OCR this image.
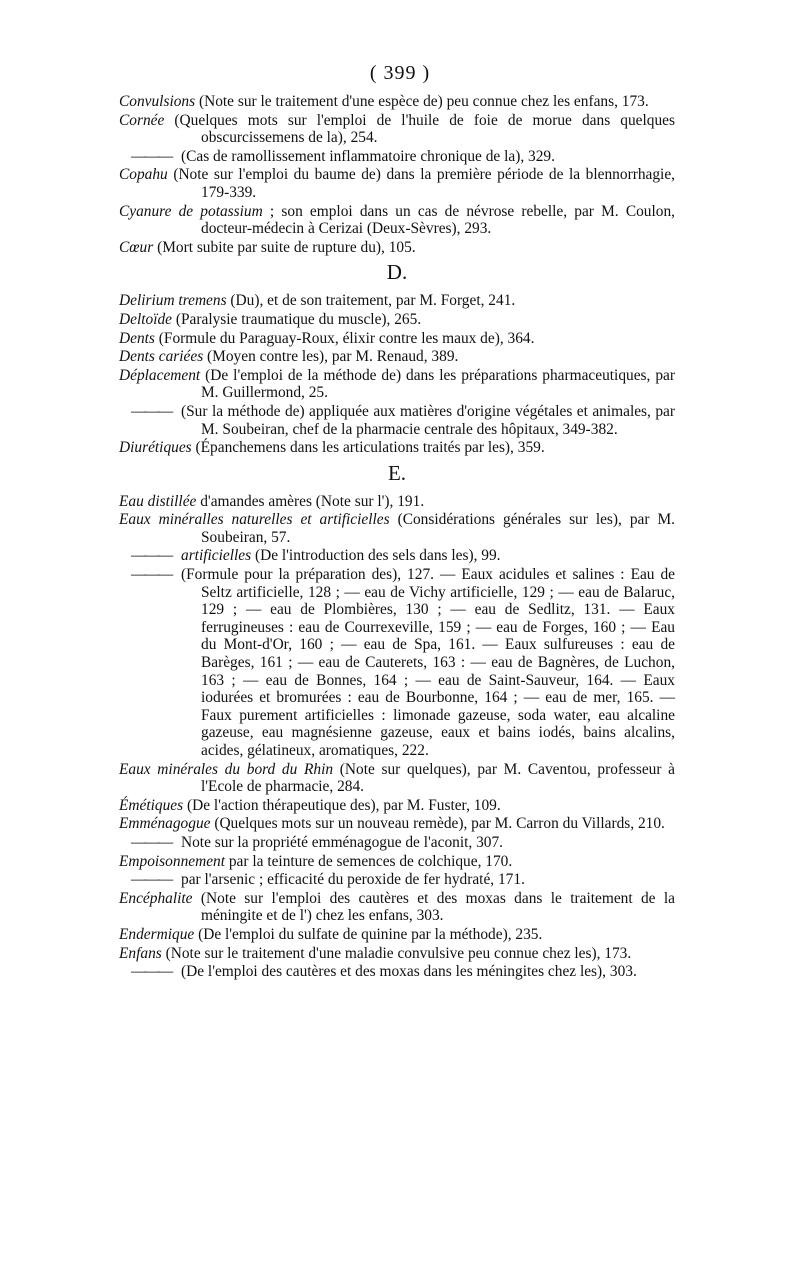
( 399 )
Convulsions (Note sur le traitement d'une espèce de) peu connue chez les enfans, 173.
Cornée (Quelques mots sur l'emploi de l'huile de foie de morue dans quelques obscurcissemens de la), 254.
——— (Cas de ramollissement inflammatoire chronique de la), 329.
Copahu (Note sur l'emploi du baume de) dans la première période de la blennorrhagie, 179-339.
Cyanure de potassium ; son emploi dans un cas de névrose rebelle, par M. Coulon, docteur-médecin à Cerizai (Deux-Sèvres), 293.
Cœur (Mort subite par suite de rupture du), 105.
D.
Delirium tremens (Du), et de son traitement, par M. Forget, 241.
Deltoïde (Paralysie traumatique du muscle), 265.
Dents (Formule du Paraguay-Roux, élixir contre les maux de), 364.
Dents cariées (Moyen contre les), par M. Renaud, 389.
Déplacement (De l'emploi de la méthode de) dans les préparations pharmaceutiques, par M. Guillermond, 25.
——— (Sur la méthode de) appliquée aux matières d'origine végétales et animales, par M. Soubeiran, chef de la pharmacie centrale des hôpitaux, 349-382.
Diurétiques (Épanchemens dans les articulations traités par les), 359.
E.
Eau distillée d'amandes amères (Note sur l'), 191.
Eaux minéralles naturelles et artificielles (Considérations générales sur les), par M. Soubeiran, 57.
——— artificielles (De l'introduction des sels dans les), 99.
——— (Formule pour la préparation des), 127. — Eaux acidules et salines : Eau de Seltz artificielle, 128 ; — eau de Vichy artificielle, 129 ; — eau de Balaruc, 129 ; — eau de Plombières, 130 ; — eau de Sedlitz, 131. — Eaux ferrugineuses : eau de Courrexeville, 159 ; — eau de Forges, 160 ; — Eau du Mont-d'Or, 160 ; — eau de Spa, 161. — Eaux sulfureuses : eau de Barèges, 161 ; — eau de Cauterets, 163 : — eau de Bagnères, de Luchon, 163 ; — eau de Bonnes, 164 ; — eau de Saint-Sauveur, 164. — Eaux iodurées et bromurées : eau de Bourbonne, 164 ; — eau de mer, 165. — Faux purement artificielles : limonade gazeuse, soda water, eau alcaline gazeuse, eau magnésienne gazeuse, eaux et bains iodés, bains alcalins, acides, gélatineux, aromatiques, 222.
Eaux minérales du bord du Rhin (Note sur quelques), par M. Caventou, professeur à l'Ecole de pharmacie, 284.
Émétiques (De l'action thérapeutique des), par M. Fuster, 109.
Emménagogue (Quelques mots sur un nouveau remède), par M. Carron du Villards, 210.
——— Note sur la propriété emménagogue de l'aconit, 307.
Empoisonnement par la teinture de semences de colchique, 170.
——— par l'arsenic ; efficacité du peroxide de fer hydraté, 171.
Encéphalite (Note sur l'emploi des cautères et des moxas dans le traitement de la méningite et de l') chez les enfans, 303.
Endermique (De l'emploi du sulfate de quinine par la méthode), 235.
Enfans (Note sur le traitement d'une maladie convulsive peu connue chez les), 173.
——— (De l'emploi des cautères et des moxas dans les méningites chez les), 303.
